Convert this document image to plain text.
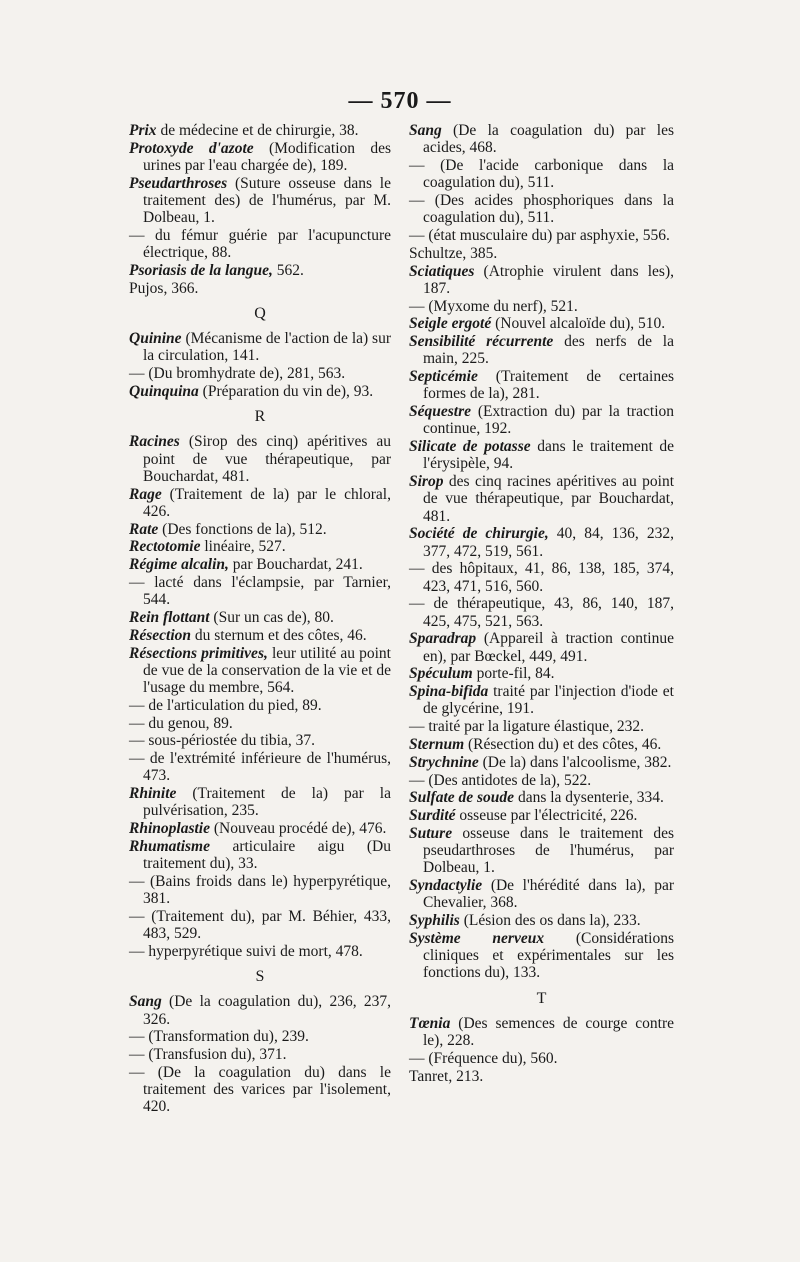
— 570 —

Prix de médecine et de chirurgie, 38.

Protoxyde d'azote (Modification des urines par l'eau chargée de), 189.

Pseudarthroses (Suture osseuse dans le traitement des) de l'humérus, par M. Dolbeau, 1.

— du fémur guérie par l'acupuncture électrique, 88.

Psoriasis de la langue, 562.

Pujos, 366.

Q

Quinine (Mécanisme de l'action de la) sur la circulation, 141.

— (Du bromhydrate de), 281, 563.

Quinquina (Préparation du vin de), 93.

R

Racines (Sirop des cinq) apéritives au point de vue thérapeutique, par Bouchardat, 481.

Rage (Traitement de la) par le chloral, 426.

Rate (Des fonctions de la), 512.

Rectotomie linéaire, 527.

Régime alcalin, par Bouchardat, 241.

— lacté dans l'éclampsie, par Tarnier, 544.

Rein flottant (Sur un cas de), 80.

Résection du sternum et des côtes, 46.

Résections primitives, leur utilité au point de vue de la conservation de la vie et de l'usage du membre, 564.

— de l'articulation du pied, 89.

— du genou, 89.

— sous-périostée du tibia, 37.

— de l'extrémité inférieure de l'humérus, 473.

Rhinite (Traitement de la) par la pulvérisation, 235.

Rhinoplastie (Nouveau procédé de), 476.

Rhumatisme articulaire aigu (Du traitement du), 33.

— (Bains froids dans le) hyperpyrétique, 381.

— (Traitement du), par M. Béhier, 433, 483, 529.

— hyperpyrétique suivi de mort, 478.

S

Sang (De la coagulation du), 236, 237, 326.

— (Transformation du), 239.

— (Transfusion du), 371.

— (De la coagulation du) dans le traitement des varices par l'isolement, 420.

Sang (De la coagulation du) par les acides, 468.

— (De l'acide carbonique dans la coagulation du), 511.

— (Des acides phosphoriques dans la coagulation du), 511.

— (état musculaire du) par asphyxie, 556.

Schultze, 385.

Sciatiques (Atrophie virulent dans les), 187.

— (Myxome du nerf), 521.

Seigle ergoté (Nouvel alcaloïde du), 510.

Sensibilité récurrente des nerfs de la main, 225.

Septicémie (Traitement de certaines formes de la), 281.

Séquestre (Extraction du) par la traction continue, 192.

Silicate de potasse dans le traitement de l'érysipèle, 94.

Sirop des cinq racines apéritives au point de vue thérapeutique, par Bouchardat, 481.

Société de chirurgie, 40, 84, 136, 232, 377, 472, 519, 561.

— des hôpitaux, 41, 86, 138, 185, 374, 423, 471, 516, 560.

— de thérapeutique, 43, 86, 140, 187, 425, 475, 521, 563.

Sparadrap (Appareil à traction continue en), par Bœckel, 449, 491.

Spéculum porte-fil, 84.

Spina-bifida traité par l'injection d'iode et de glycérine, 191.

— traité par la ligature élastique, 232.

Sternum (Résection du) et des côtes, 46.

Strychnine (De la) dans l'alcoolisme, 382.

— (Des antidotes de la), 522.

Sulfate de soude dans la dysenterie, 334.

Surdité osseuse par l'électricité, 226.

Suture osseuse dans le traitement des pseudarthroses de l'humérus, par Dolbeau, 1.

Syndactylie (De l'hérédité dans la), par Chevalier, 368.

Syphilis (Lésion des os dans la), 233.

Système nerveux (Considérations cliniques et expérimentales sur les fonctions du), 133.

T

Tœnia (Des semences de courge contre le), 228.

— (Fréquence du), 560.

Tanret, 213.
